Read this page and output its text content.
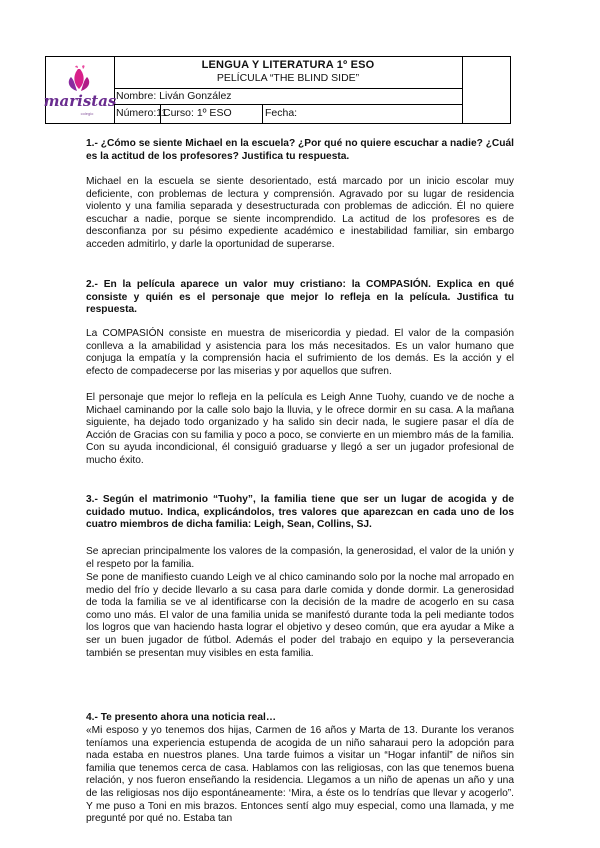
maristas
colegio
LENGUA Y LITERATURA 1º ESO
PELÍCULA “THE BLIND SIDE”
Nombre: Liván González
Número:11
Curso: 1º ESO	Fecha:

1.- ¿Cómo se siente Michael en la escuela? ¿Por qué no quiere escuchar a nadie? ¿Cuál es la actitud de los profesores? Justifica tu respuesta.

Michael en la escuela se siente desorientado, está marcado por un inicio escolar muy deficiente, con problemas de lectura y comprensión. Agravado por su lugar de residencia violento y una familia separada y desestructurada con problemas de adicción. Él no quiere escuchar a nadie, porque se siente incomprendido. La actitud de los profesores es de desconfianza por su pésimo expediente académico e inestabilidad familiar, sin embargo acceden admitirlo, y darle la oportunidad de superarse.

2.- En la película aparece un valor muy cristiano: la COMPASIÓN. Explica en qué consiste y quién es el personaje que mejor lo refleja en la película. Justifica tu respuesta.

La COMPASIÓN consiste en muestra de misericordia y piedad. El valor de la compasión conlleva a la amabilidad y asistencia para los más necesitados. Es un valor humano que conjuga la empatía y la comprensión hacia el sufrimiento de los demás. Es la acción y el efecto de compadecerse por las miserias y por aquellos que sufren.

El personaje que mejor lo refleja en la película es Leigh Anne Tuohy, cuando ve de noche a Michael caminando por la calle solo bajo la lluvia, y le ofrece dormir en su casa. A la mañana siguiente, ha dejado todo organizado y ha salido sin decir nada, le sugiere pasar el día de Acción de Gracias con su familia y poco a poco, se convierte en un miembro más de la familia. Con su ayuda incondicional, él consiguió graduarse y llegó a ser un jugador profesional de mucho éxito.

3.- Según el matrimonio “Tuohy”, la familia tiene que ser un lugar de acogida y de cuidado mutuo. Indica, explicándolos, tres valores que aparezcan en cada uno de los cuatro miembros de dicha familia: Leigh, Sean, Collins, SJ.

Se aprecian principalmente los valores de la compasión, la generosidad, el valor de la unión y el respeto por la familia.

Se pone de manifiesto cuando Leigh ve al chico caminando solo por la noche mal arropado en medio del frío y decide llevarlo a su casa para darle comida y donde dormir. La generosidad de toda la familia se ve al identificarse con la decisión de la madre de acogerlo en su casa como uno más. El valor de una familia unida se manifestó durante toda la peli mediante todos los logros que van haciendo hasta lograr el objetivo y deseo común, que era ayudar a Mike a ser un buen jugador de fútbol. Además el poder del trabajo en equipo y la perseverancia también se presentan muy visibles en esta familia.

4.- Te presento ahora una noticia real…

«Mi esposo y yo tenemos dos hijas, Carmen de 16 años y Marta de 13. Durante los veranos teníamos una experiencia estupenda de acogida de un niño saharaui pero la adopción para nada estaba en nuestros planes. Una tarde fuimos a visitar un “Hogar infantil” de niños sin familia que tenemos cerca de casa. Hablamos con las religiosas, con las que tenemos buena relación, y nos fueron enseñando la residencia. Llegamos a un niño de apenas un año y una de las religiosas nos dijo espontáneamente: ‘Mira, a éste os lo tendrías que llevar y acogerlo”. Y me puso a Toni en mis brazos. Entonces sentí algo muy especial, como una llamada, y me pregunté por qué no. Estaba tan
